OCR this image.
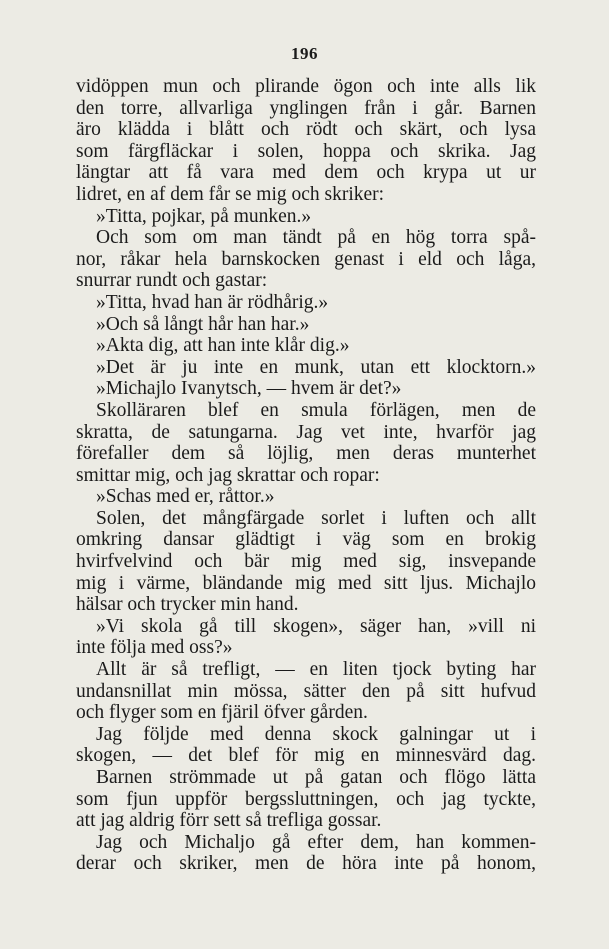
196
vidöppen mun och plirande ögon och inte alls lik
den torre, allvarliga ynglingen från i går. Barnen
äro klädda i blått och rödt och skärt, och lysa
som färgfläckar i solen, hoppa och skrika. Jag
längtar att få vara med dem och krypa ut ur
lidret, en af dem får se mig och skriker:
»Titta, pojkar, på munken.»
Och som om man tändt på en hög torra spå-
nor, råkar hela barnskocken genast i eld och låga,
snurrar rundt och gastar:
»Titta, hvad han är rödhårig.»
»Och så långt hår han har.»
»Akta dig, att han inte klår dig.»
»Det är ju inte en munk, utan ett klocktorn.»
»Michajlo Ivanytsch, — hvem är det?»
Skolläraren blef en smula förlägen, men de
skratta, de satungarna. Jag vet inte, hvarför jag
förefaller dem så löjlig, men deras munterhet
smittar mig, och jag skrattar och ropar:
»Schas med er, råttor.»
Solen, det mångfärgade sorlet i luften och allt
omkring dansar glädtigt i väg som en brokig
hvirfvelvind och bär mig med sig, insvepande
mig i värme, bländande mig med sitt ljus. Michajlo
hälsar och trycker min hand.
»Vi skola gå till skogen», säger han, »vill ni
inte följa med oss?»
Allt är så trefligt, — en liten tjock byting har
undansnillat min mössa, sätter den på sitt hufvud
och flyger som en fjäril öfver gården.
Jag följde med denna skock galningar ut i
skogen, — det blef för mig en minnesvärd dag.
Barnen strömmade ut på gatan och flögo lätta
som fjun uppför bergssluttningen, och jag tyckte,
att jag aldrig förr sett så trefliga gossar.
Jag och Michaljo gå efter dem, han kommen-
derar och skriker, men de höra inte på honom,
